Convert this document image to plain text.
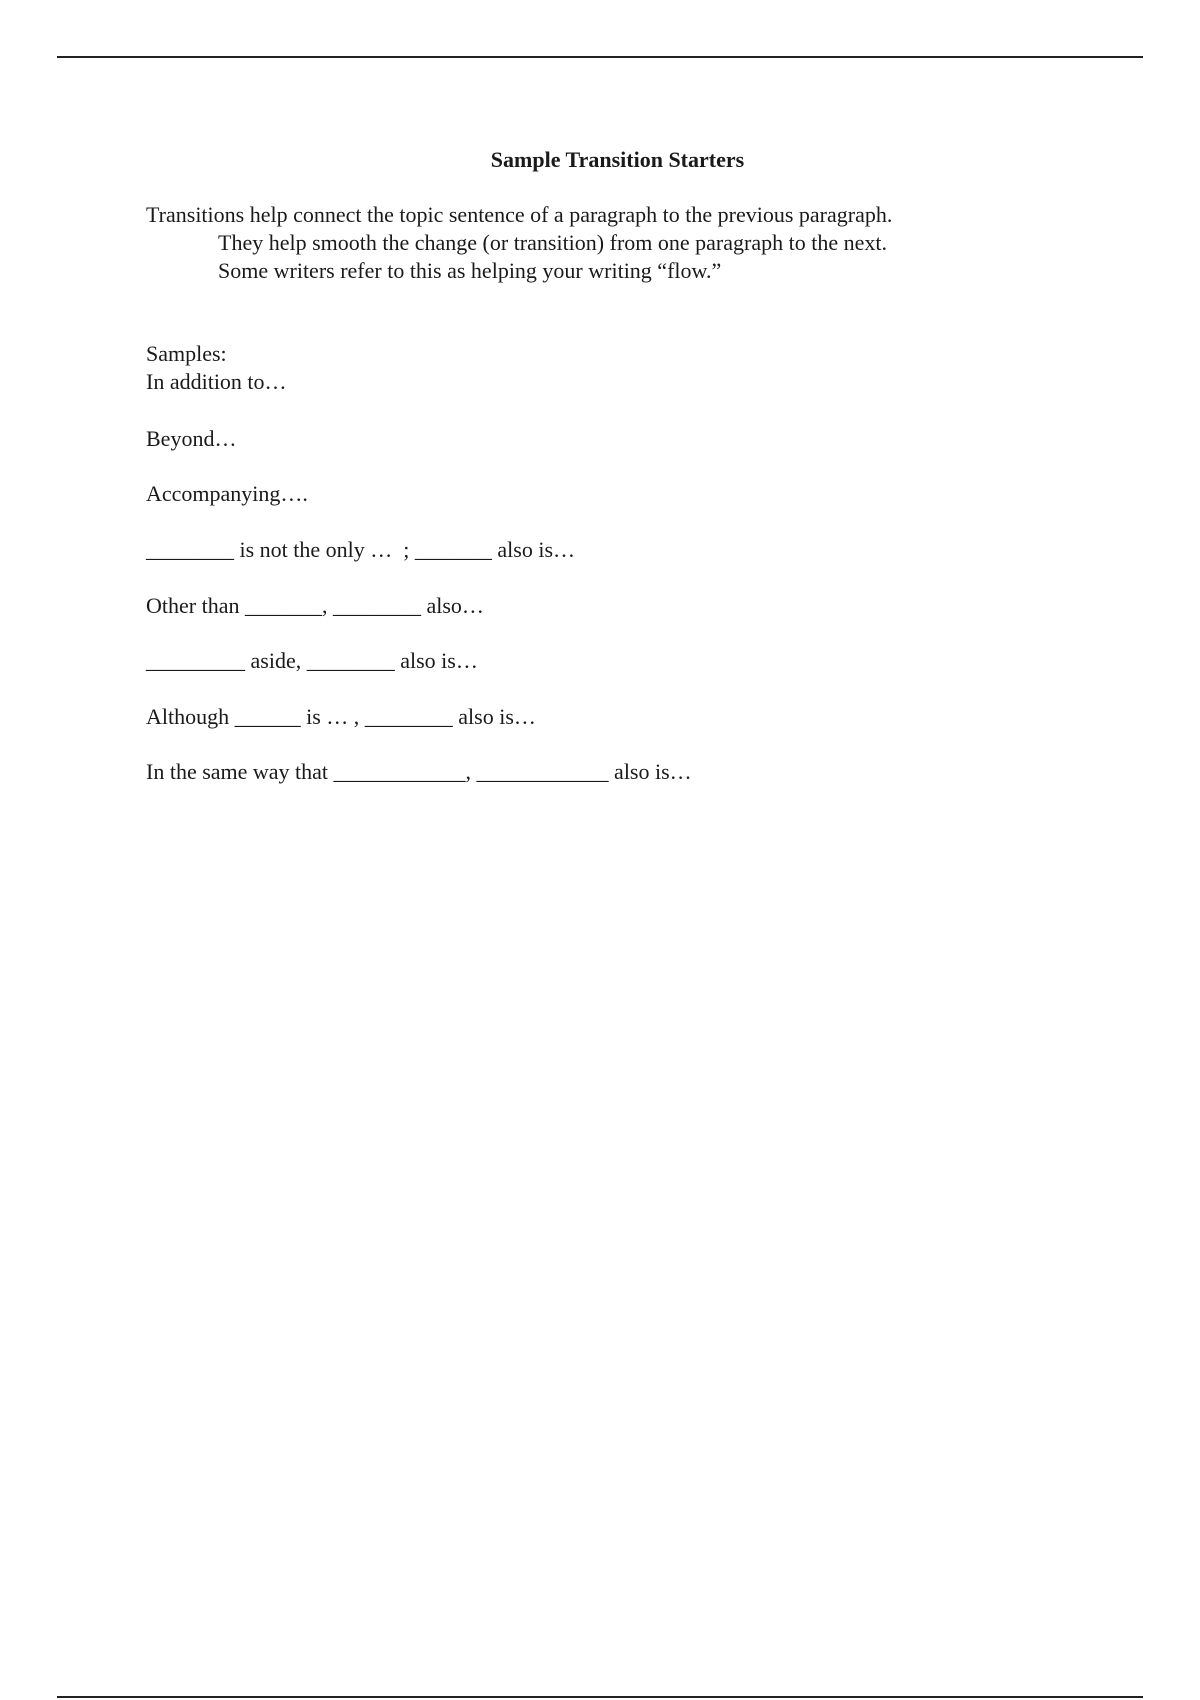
Sample Transition Starters
Transitions help connect the topic sentence of a paragraph to the previous paragraph.
They help smooth the change (or transition) from one paragraph to the next.
Some writers refer to this as helping your writing “flow.”
Samples:
In addition to…
Beyond…
Accompanying….
________ is not the only …  ; _______ also is…
Other than _______, ________ also…
_________ aside, ________ also is…
Although ______ is … , ________ also is…
In the same way that ____________, ____________ also is…
